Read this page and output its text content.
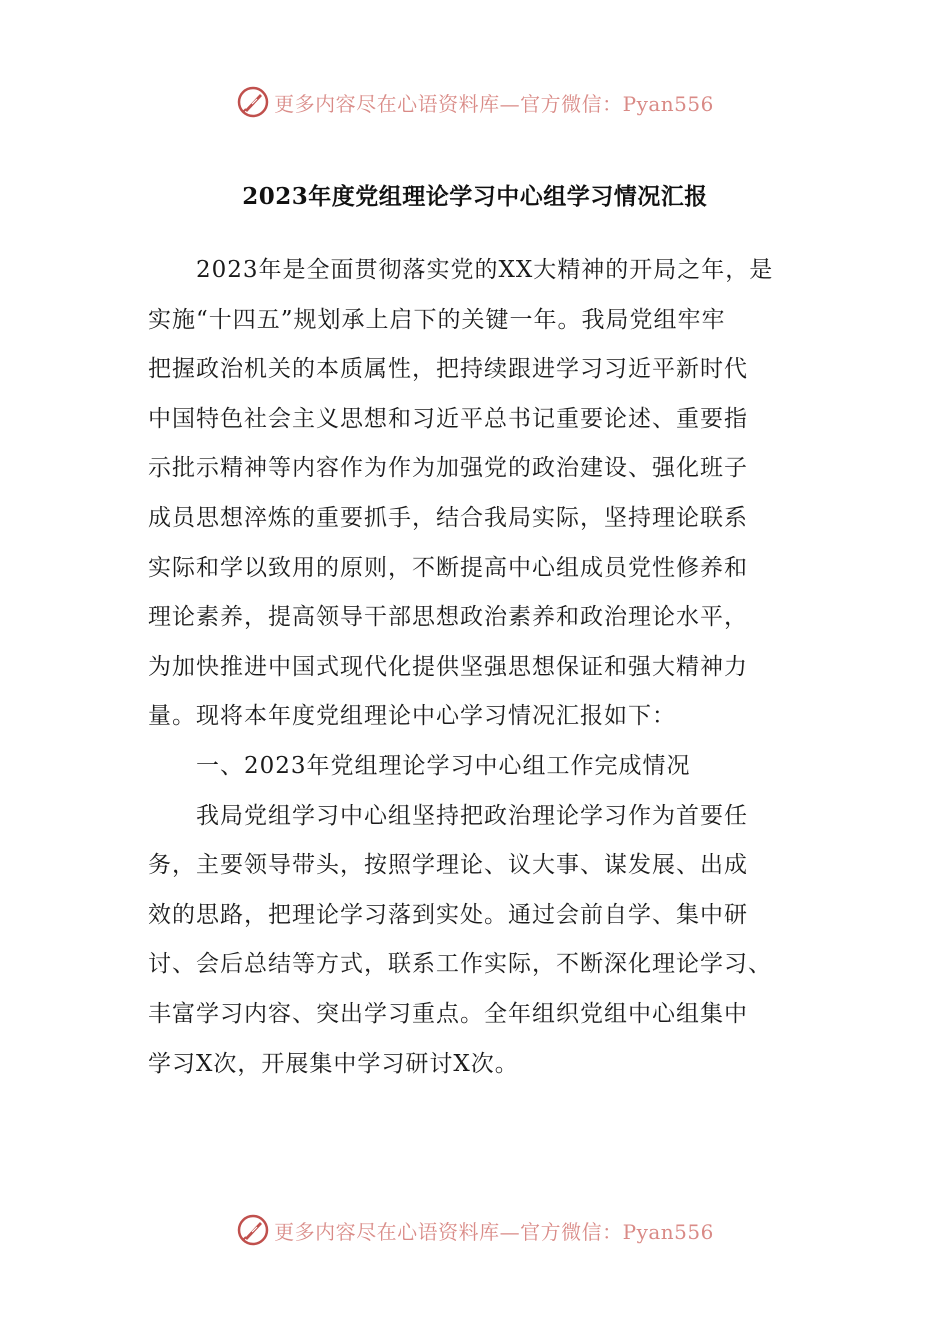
更多内容尽在心语资料库—官方微信：Pyan556
2023年度党组理论学习中心组学习情况汇报
2023年是全面贯彻落实党的XX大精神的开局之年，是
实施“十四五”规划承上启下的关键一年。我局党组牢牢
把握政治机关的本质属性，把持续跟进学习习近平新时代
中国特色社会主义思想和习近平总书记重要论述、重要指
示批示精神等内容作为作为加强党的政治建设、强化班子
成员思想淬炼的重要抓手，结合我局实际，坚持理论联系
实际和学以致用的原则，不断提高中心组成员党性修养和
理论素养，提高领导干部思想政治素养和政治理论水平，
为加快推进中国式现代化提供坚强思想保证和强大精神力
量。现将本年度党组理论中心学习情况汇报如下：
一、2023年党组理论学习中心组工作完成情况
我局党组学习中心组坚持把政治理论学习作为首要任
务，主要领导带头，按照学理论、议大事、谋发展、出成
效的思路，把理论学习落到实处。通过会前自学、集中研
讨、会后总结等方式，联系工作实际，不断深化理论学习、
丰富学习内容、突出学习重点。全年组织党组中心组集中
学习X次，开展集中学习研讨X次。
更多内容尽在心语资料库—官方微信：Pyan556
